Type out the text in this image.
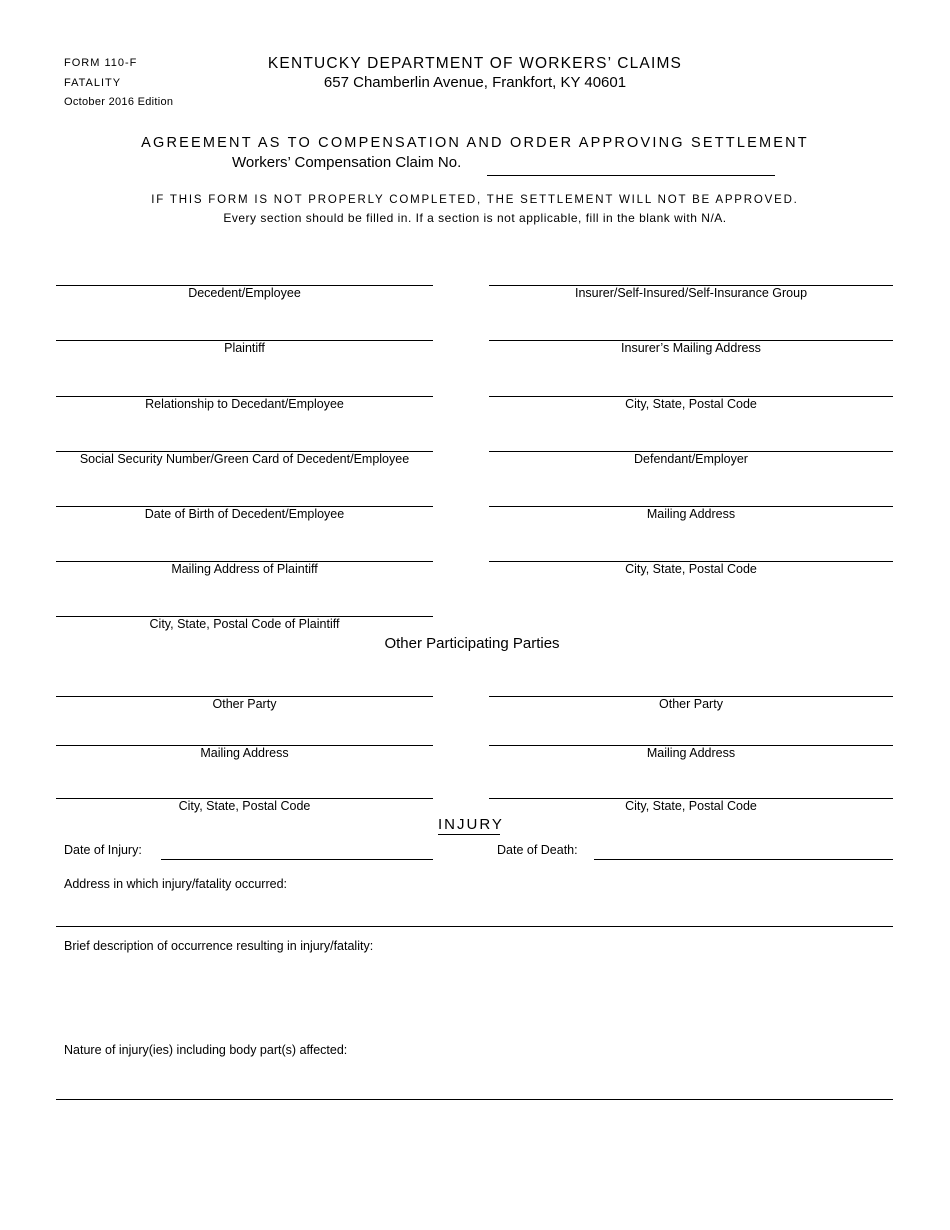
FORM 110-F
FATALITY
October 2016 Edition
KENTUCKY DEPARTMENT OF WORKERS’ CLAIMS
657 Chamberlin Avenue, Frankfort, KY 40601
AGREEMENT AS TO COMPENSATION AND ORDER APPROVING SETTLEMENT
Workers’ Compensation Claim No.
IF THIS FORM IS NOT PROPERLY COMPLETED, THE SETTLEMENT WILL NOT BE APPROVED.
Every section should be filled in. If a section is not applicable, fill in the blank with N/A.
Decedent/Employee
Plaintiff
Relationship to Decedant/Employee
Social Security Number/Green Card of Decedent/Employee
Date of Birth of Decedent/Employee
Mailing Address of Plaintiff
City, State, Postal Code of Plaintiff
Insurer/Self-Insured/Self-Insurance Group
Insurer’s Mailing Address
City, State, Postal Code
Defendant/Employer
Mailing Address
City, State, Postal Code
Other Participating Parties
Other Party
Mailing Address
City, State, Postal Code
Other Party
Mailing Address
City, State, Postal Code
INJURY
Date of Injury:	Date of Death:
Address in which injury/fatality occurred:
Brief description of occurrence resulting in injury/fatality:
Nature of injury(ies) including body part(s) affected:
